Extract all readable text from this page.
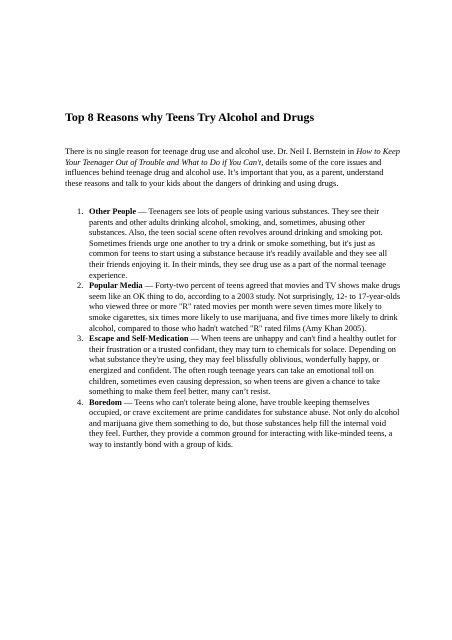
Top 8 Reasons why Teens Try Alcohol and Drugs

There is no single reason for teenage drug use and alcohol use. Dr. Neil I. Bernstein in How to Keep Your Teenager Out of Trouble and What to Do if You Can't, details some of the core issues and influences behind teenage drug and alcohol use. It’s important that you, as a parent, understand these reasons and talk to your kids about the dangers of drinking and using drugs.

1. Other People — Teenagers see lots of people using various substances. They see their parents and other adults drinking alcohol, smoking, and, sometimes, abusing other substances. Also, the teen social scene often revolves around drinking and smoking pot. Sometimes friends urge one another to try a drink or smoke something, but it's just as common for teens to start using a substance because it's readily available and they see all their friends enjoying it. In their minds, they see drug use as a part of the normal teenage experience.
2. Popular Media — Forty-two percent of teens agreed that movies and TV shows make drugs seem like an OK thing to do, according to a 2003 study. Not surprisingly, 12- to 17-year-olds who viewed three or more "R" rated movies per month were seven times more likely to smoke cigarettes, six times more likely to use marijuana, and five times more likely to drink alcohol, compared to those who hadn't watched "R" rated films (Amy Khan 2005).
3. Escape and Self-Medication — When teens are unhappy and can't find a healthy outlet for their frustration or a trusted confidant, they may turn to chemicals for solace. Depending on what substance they're using, they may feel blissfully oblivious, wonderfully happy, or energized and confident. The often rough teenage years can take an emotional toll on children, sometimes even causing depression, so when teens are given a chance to take something to make them feel better, many can’t resist.
4. Boredom — Teens who can't tolerate being alone, have trouble keeping themselves occupied, or crave excitement are prime candidates for substance abuse. Not only do alcohol and marijuana give them something to do, but those substances help fill the internal void they feel. Further, they provide a common ground for interacting with like-minded teens, a way to instantly bond with a group of kids.
